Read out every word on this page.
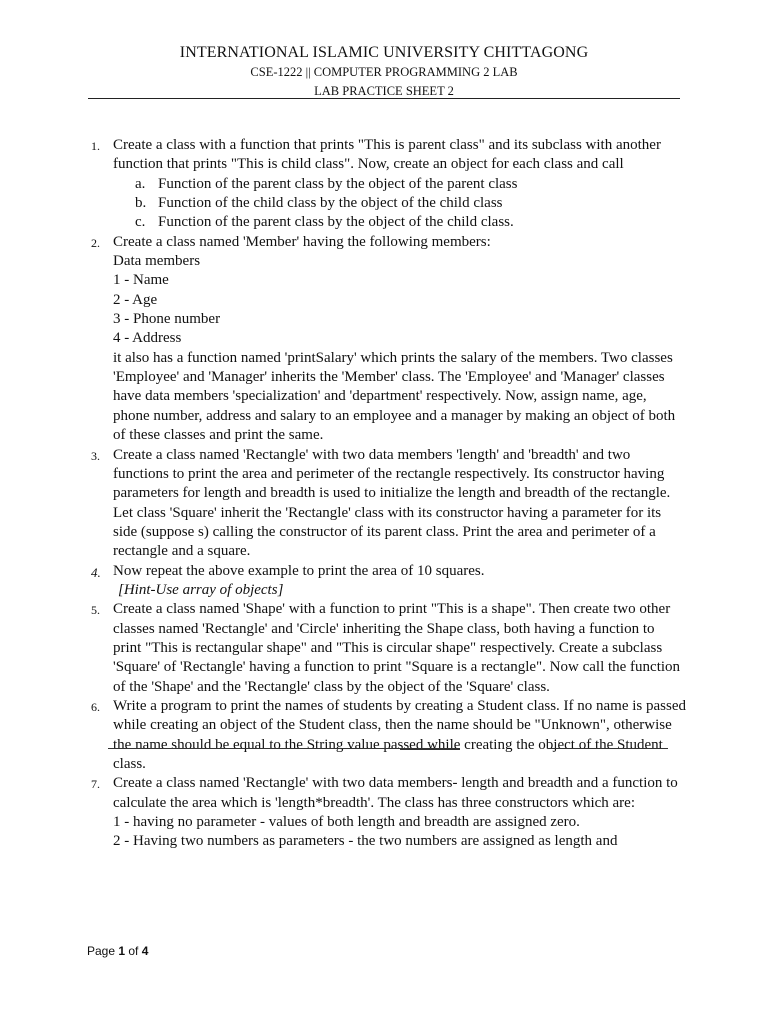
INTERNATIONAL ISLAMIC UNIVERSITY CHITTAGONG
CSE-1222 || COMPUTER PROGRAMMING 2 LAB
LAB PRACTICE SHEET 2
1. Create a class with a function that prints "This is parent class" and its subclass with another function that prints "This is child class". Now, create an object for each class and call
a. Function of the parent class by the object of the parent class
b. Function of the child class by the object of the child class
c. Function of the parent class by the object of the child class.
2. Create a class named 'Member' having the following members:
Data members
1 - Name
2 - Age
3 - Phone number
4 - Address
it also has a function named 'printSalary' which prints the salary of the members. Two classes 'Employee' and 'Manager' inherits the 'Member' class. The 'Employee' and 'Manager' classes have data members 'specialization' and 'department' respectively. Now, assign name, age, phone number, address and salary to an employee and a manager by making an object of both of these classes and print the same.
3. Create a class named 'Rectangle' with two data members 'length' and 'breadth' and two functions to print the area and perimeter of the rectangle respectively. Its constructor having parameters for length and breadth is used to initialize the length and breadth of the rectangle. Let class 'Square' inherit the 'Rectangle' class with its constructor having a parameter for its side (suppose s) calling the constructor of its parent class. Print the area and perimeter of a rectangle and a square.
4. Now repeat the above example to print the area of 10 squares.
[Hint-Use array of objects]
5. Create a class named 'Shape' with a function to print "This is a shape". Then create two other classes named 'Rectangle' and 'Circle' inheriting the Shape class, both having a function to print "This is rectangular shape" and "This is circular shape" respectively. Create a subclass 'Square' of 'Rectangle' having a function to print "Square is a rectangle". Now call the function of the 'Shape' and the 'Rectangle' class by the object of the 'Square' class.
6. Write a program to print the names of students by creating a Student class. If no name is passed while creating an object of the Student class, then the name should be "Unknown", otherwise the name should be equal to the String value passed while creating the object of the Student class.
7. Create a class named 'Rectangle' with two data members- length and breadth and a function to calculate the area which is 'length*breadth'. The class has three constructors which are:
1 - having no parameter - values of both length and breadth are assigned zero.
2 - Having two numbers as parameters - the two numbers are assigned as length and
Page 1 of 4
